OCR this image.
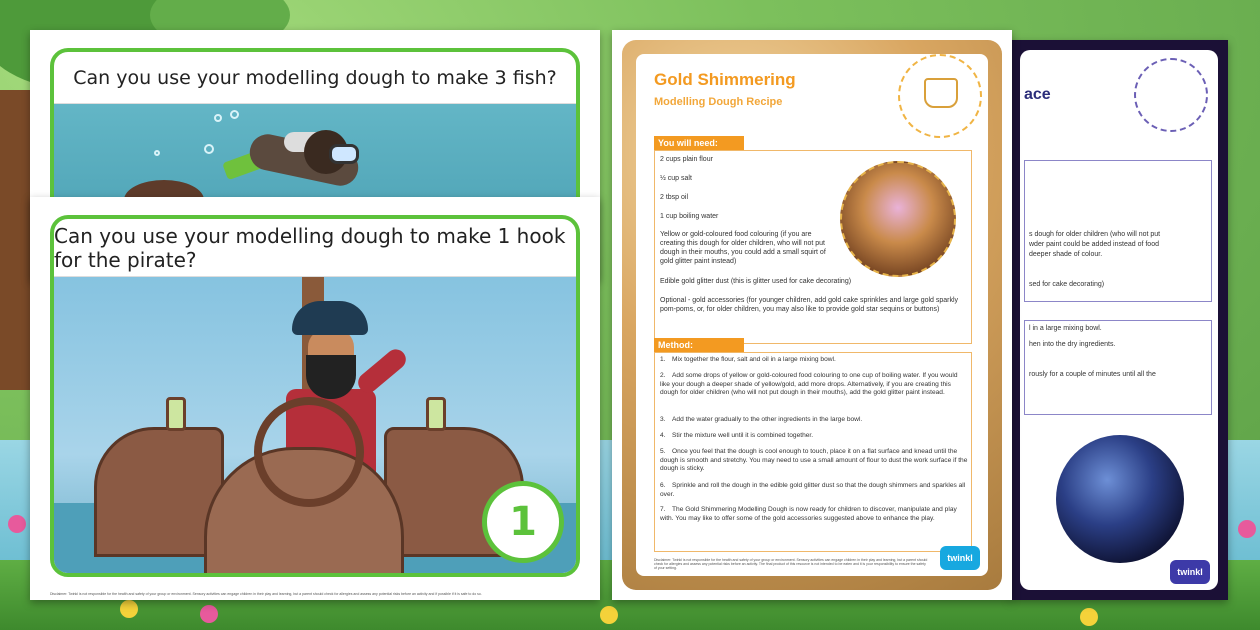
Can you use your modelling dough to make 3 fish?
Can you use your modelling dough to make 1 hook for the pirate?
1
Disclaimer: Twinkl is not responsible for the health and safety of your group or environment. Sensory activities can engage children in their play and learning, but a parent should check for allergies and assess any potential risks before an activity and if possible if it is safe to do so.
ace
s dough for older children (who will not put
wder paint could be added instead of food
deeper shade of colour.
sed for cake decorating)
l in a large mixing bowl.
hen into the dry ingredients.
rously for a couple of minutes until all the
twinkl
Gold Shimmering
Modelling Dough Recipe
You will need:
2 cups plain flour
½ cup salt
2 tbsp oil
1 cup boiling water
Yellow or gold-coloured food colouring (if you are creating this dough for older children, who will not put dough in their mouths, you could add a small squirt of gold glitter paint instead)
Edible gold glitter dust (this is glitter used for cake decorating)
Optional - gold accessories (for younger children, add gold cake sprinkles and large gold sparkly pom-poms, or, for older children, you may also like to provide gold star sequins or buttons)
Method:
1. Mix together the flour, salt and oil in a large mixing bowl.
2. Add some drops of yellow or gold-coloured food colouring to one cup of boiling water. If you would like your dough a deeper shade of yellow/gold, add more drops. Alternatively, if you are creating this dough for older children (who will not put dough in their mouths), add the gold glitter paint instead.
3. Add the water gradually to the other ingredients in the large bowl.
4. Stir the mixture well until it is combined together.
5. Once you feel that the dough is cool enough to touch, place it on a flat surface and knead until the dough is smooth and stretchy. You may need to use a small amount of flour to dust the work surface if the dough is sticky.
6. Sprinkle and roll the dough in the edible gold glitter dust so that the dough shimmers and sparkles all over.
7. The Gold Shimmering Modelling Dough is now ready for children to discover, manipulate and play with. You may like to offer some of the gold accessories suggested above to enhance the play.
Disclaimer: Twinkl is not responsible for the health and safety of your group or environment. Sensory activities can engage children in their play and learning, but a parent should check for allergies and assess any potential risks before an activity. The final product of this resource is not intended to be eaten and it is your responsibility to ensure the safety of your setting.
twinkl
